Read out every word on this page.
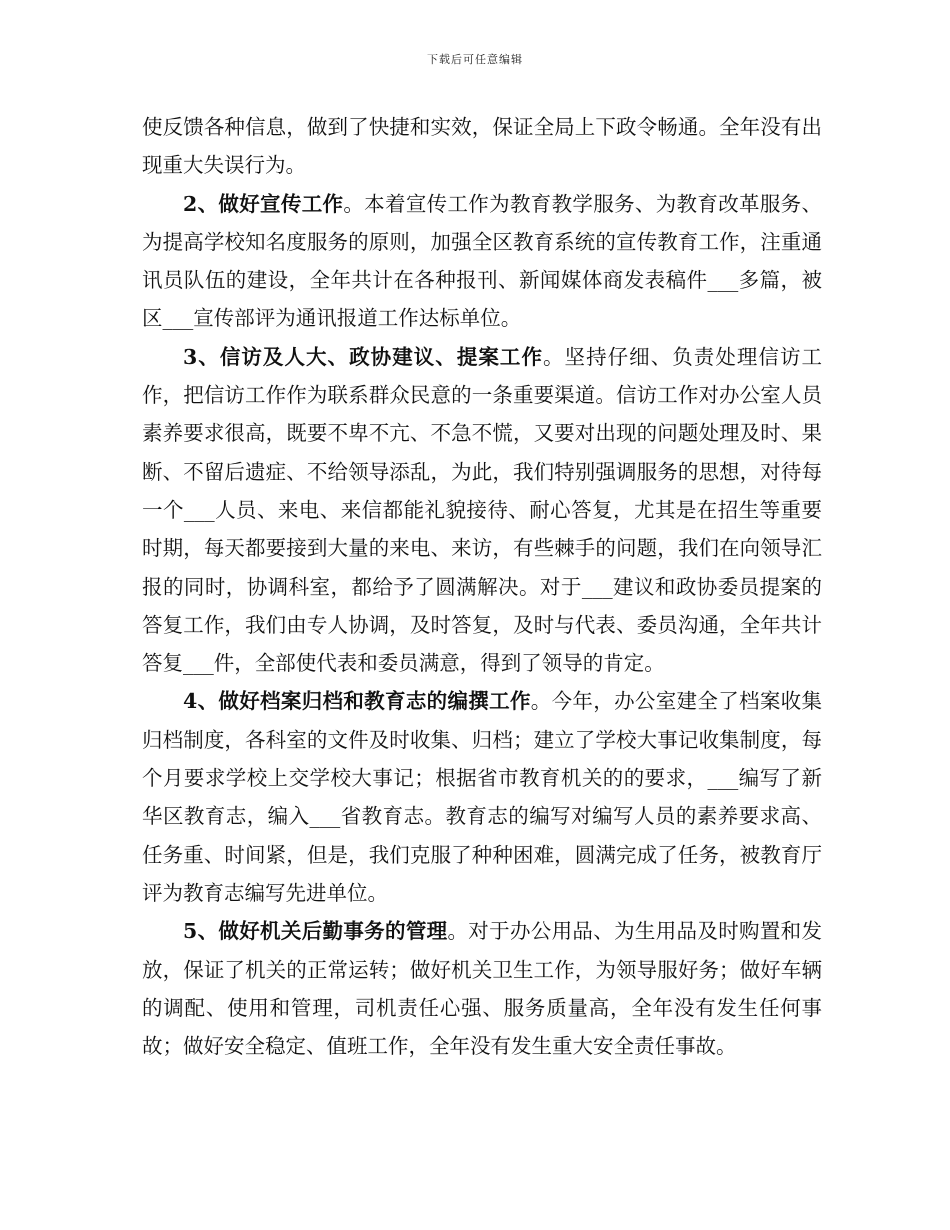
下载后可任意编辑

使反馈各种信息，做到了快捷和实效，保证全局上下政令畅通。全年没有出现重大失误行为。

2、做好宣传工作。本着宣传工作为教育教学服务、为教育改革服务、为提高学校知名度服务的原则，加强全区教育系统的宣传教育工作，注重通讯员队伍的建设，全年共计在各种报刊、新闻媒体商发表稿件___多篇，被区___宣传部评为通讯报道工作达标单位。

3、信访及人大、政协建议、提案工作。坚持仔细、负责处理信访工作，把信访工作作为联系群众民意的一条重要渠道。信访工作对办公室人员素养要求很高，既要不卑不亢、不急不慌，又要对出现的问题处理及时、果断、不留后遗症、不给领导添乱，为此，我们特别强调服务的思想，对待每一个___人员、来电、来信都能礼貌接待、耐心答复，尤其是在招生等重要时期，每天都要接到大量的来电、来访，有些棘手的问题，我们在向领导汇报的同时，协调科室，都给予了圆满解决。对于___建议和政协委员提案的答复工作，我们由专人协调，及时答复，及时与代表、委员沟通，全年共计答复___件，全部使代表和委员满意，得到了领导的肯定。

4、做好档案归档和教育志的编撰工作。今年，办公室建全了档案收集归档制度，各科室的文件及时收集、归档；建立了学校大事记收集制度，每个月要求学校上交学校大事记；根据省市教育机关的的要求，___编写了新华区教育志，编入___省教育志。教育志的编写对编写人员的素养要求高、任务重、时间紧，但是，我们克服了种种困难，圆满完成了任务，被教育厅评为教育志编写先进单位。

5、做好机关后勤事务的管理。对于办公用品、为生用品及时购置和发放，保证了机关的正常运转；做好机关卫生工作，为领导服好务；做好车辆的调配、使用和管理，司机责任心强、服务质量高，全年没有发生任何事故；做好安全稳定、值班工作，全年没有发生重大安全责任事故。
